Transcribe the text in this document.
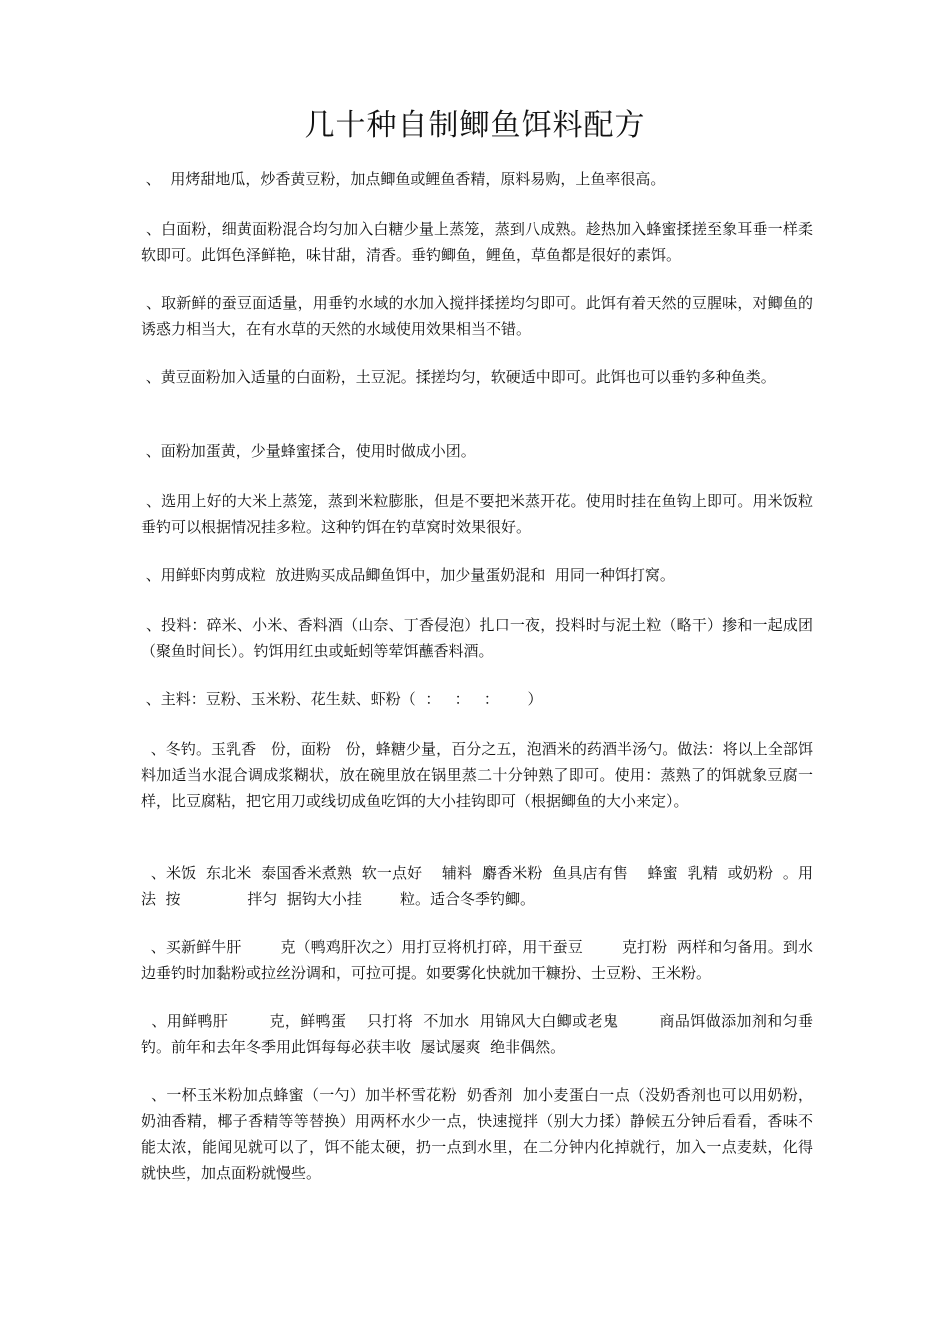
几十种自制鲫鱼饵料配方

、  用烤甜地瓜，炒香黄豆粉，加点鲫鱼或鲤鱼香精，原料易购，上鱼率很高。

、白面粉，细黄面粉混合均匀加入白糖少量上蒸笼，蒸到八成熟。趁热加入蜂蜜揉搓至象耳垂一样柔软即可。此饵色泽鲜艳，味甘甜，清香。垂钓鲫鱼，鲤鱼，草鱼都是很好的素饵。

、取新鲜的蚕豆面适量，用垂钓水域的水加入搅拌揉搓均匀即可。此饵有着天然的豆腥味，对鲫鱼的诱惑力相当大，在有水草的天然的水域使用效果相当不错。

、黄豆面粉加入适量的白面粉，土豆泥。揉搓均匀，软硬适中即可。此饵也可以垂钓多种鱼类。

、面粉加蛋黄，少量蜂蜜揉合，使用时做成小团。

、选用上好的大米上蒸笼，蒸到米粒膨胀，但是不要把米蒸开花。使用时挂在鱼钩上即可。用米饭粒垂钓可以根据情况挂多粒。这种钓饵在钓草窝时效果很好。

、用鲜虾肉剪成粒  放进购买成品鲫鱼饵中，加少量蛋奶混和  用同一种饵打窝。

、投料：碎米、小米、香料酒（山奈、丁香侵泡）扎口一夜，投料时与泥土粒（略干）掺和一起成团（聚鱼时间长）。钓饵用红虫或蚯蚓等荤饵蘸香料酒。

、主料：豆粉、玉米粉、花生麸、虾粉（  ：   ：   ：      ）

、冬钓。玉乳香   份，面粉   份，蜂糖少量，百分之五，泡酒米的药酒半汤勺。做法：将以上全部饵料加适当水混合调成浆糊状，放在碗里放在锅里蒸二十分钟熟了即可。使用：蒸熟了的饵就象豆腐一样，比豆腐粘，把它用刀或线切成鱼吃饵的大小挂钩即可（根据鲫鱼的大小来定）。

、米饭  东北米  泰国香米煮熟  软一点好    辅料  麝香米粉  鱼具店有售    蜂蜜  乳精  或奶粉  。用法  按              拌匀  据钩大小挂        粒。适合冬季钓鲫。

、买新鲜牛肝        克（鸭鸡肝次之）用打豆将机打碎，用干蚕豆        克打粉  两样和匀备用。到水边垂钓时加黏粉或拉丝汾调和，可拉可提。如要雾化快就加干糠扮、士豆粉、王米粉。

、用鲜鸭肝        克，鲜鸭蛋    只打将  不加水  用锦风大白鲫或老鬼        商品饵做添加剂和匀垂钓。前年和去年冬季用此饵每每必获丰收  屡试屡爽  绝非偶然。

、一杯玉米粉加点蜂蜜（一勺）加半杯雪花粉  奶香剂  加小麦蛋白一点（没奶香剂也可以用奶粉，奶油香精，椰子香精等等替换）用两杯水少一点，快速搅拌（别大力揉）静候五分钟后看看，香味不能太浓，能闻见就可以了，饵不能太硬，扔一点到水里，在二分钟内化掉就行，加入一点麦麸，化得就快些，加点面粉就慢些。
